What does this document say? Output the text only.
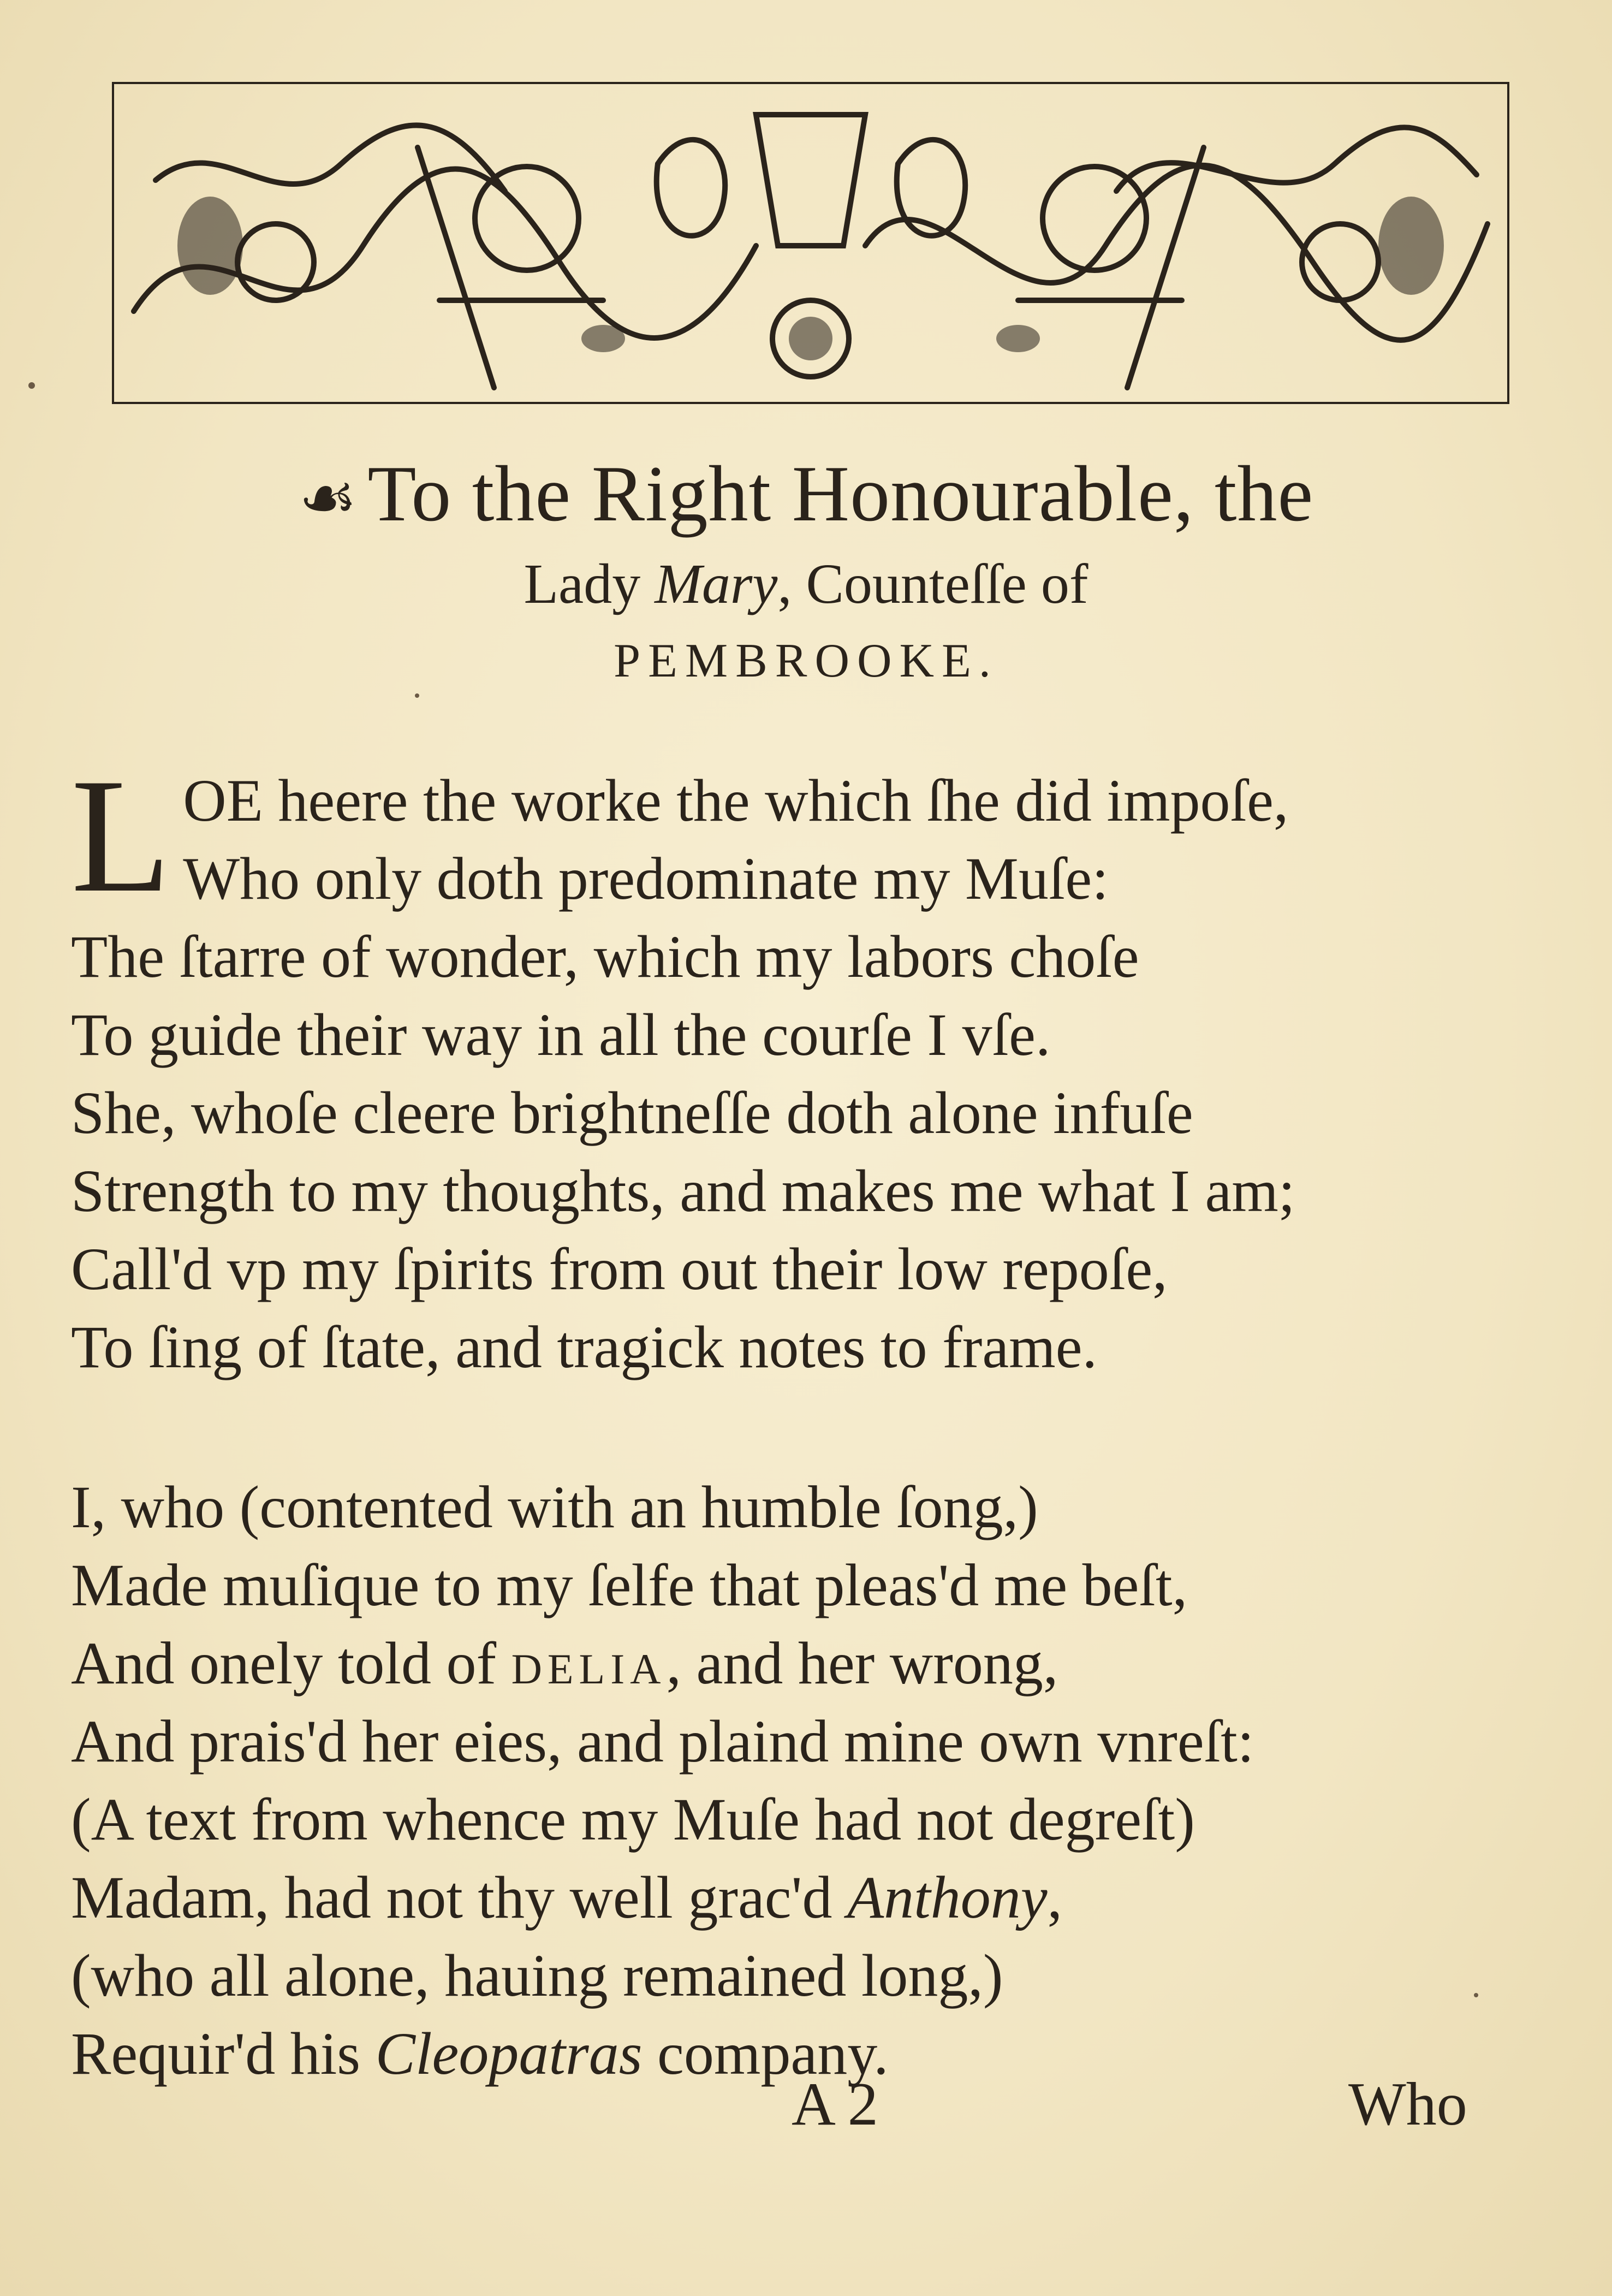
☙ To the Right Honourable, the
Lady Mary, Counteſſe of
PEMBROOKE.
L OE heere the worke the which ſhe did impoſe,
Who only doth predominate my Muſe:
The ſtarre of wonder, which my labors choſe
To guide their way in all the courſe I vſe.
She, whoſe cleere brightneſſe doth alone infuſe
Strength to my thoughts, and makes me what I am;
Call'd vp my ſpirits from out their low repoſe,
To ſing of ſtate, and tragick notes to frame.
I, who (contented with an humble ſong,)
Made muſique to my ſelfe that pleas'd me beſt,
And onely told of DELIA, and her wrong,
And prais'd her eies, and plaind mine own vnreſt:
(A text from whence my Muſe had not degreſt)
Madam, had not thy well grac'd Anthony,
(who all alone, hauing remained long,)
Requir'd his Cleopatras company.
A 2	Who
